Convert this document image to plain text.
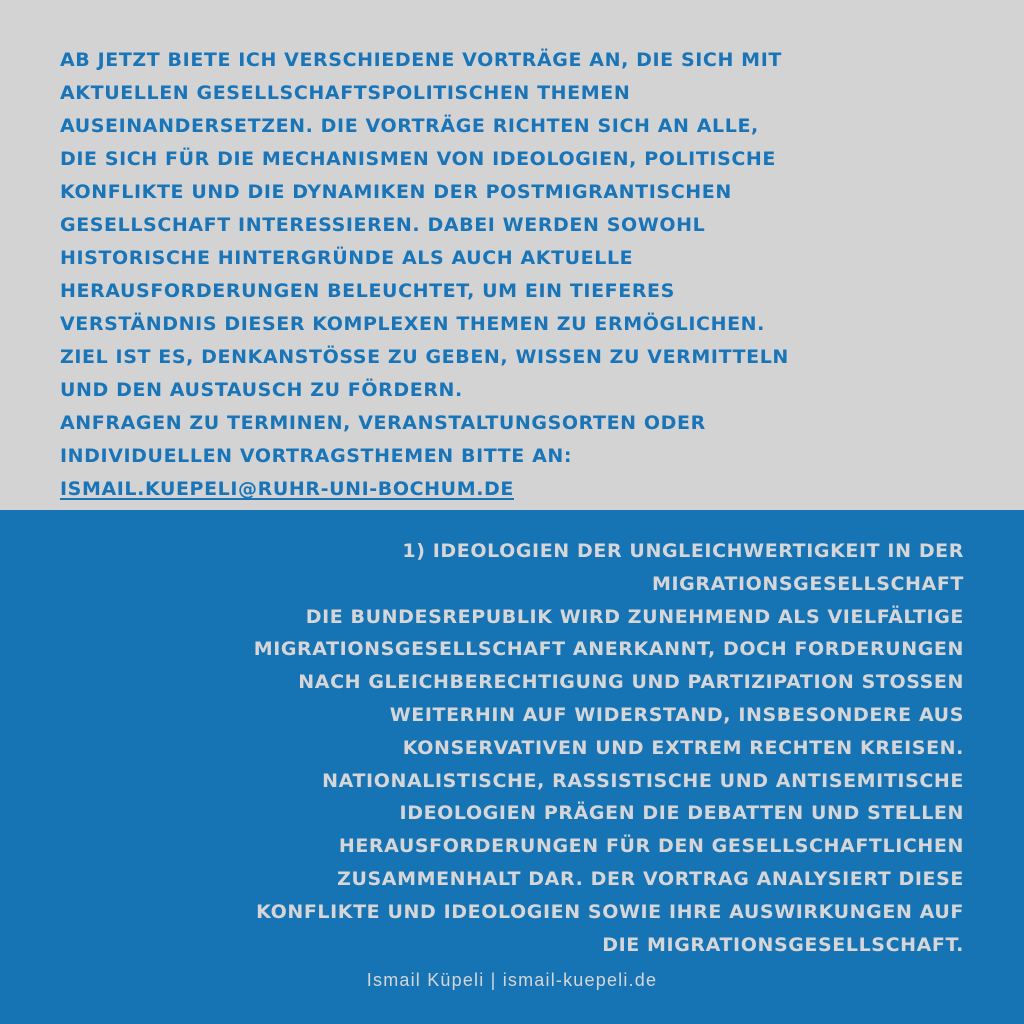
AB JETZT BIETE ICH VERSCHIEDENE VORTRÄGE AN, DIE SICH MIT
AKTUELLEN GESELLSCHAFTSPOLITISCHEN THEMEN
AUSEINANDERSETZEN. DIE VORTRÄGE RICHTEN SICH AN ALLE,
DIE SICH FÜR DIE MECHANISMEN VON IDEOLOGIEN, POLITISCHE
KONFLIKTE UND DIE DYNAMIKEN DER POSTMIGRANTISCHEN
GESELLSCHAFT INTERESSIEREN. DABEI WERDEN SOWOHL
HISTORISCHE HINTERGRÜNDE ALS AUCH AKTUELLE
HERAUSFORDERUNGEN BELEUCHTET, UM EIN TIEFERES
VERSTÄNDNIS DIESER KOMPLEXEN THEMEN ZU ERMÖGLICHEN.
ZIEL IST ES, DENKANSTÖSSE ZU GEBEN, WISSEN ZU VERMITTELN
UND DEN AUSTAUSCH ZU FÖRDERN.
ANFRAGEN ZU TERMINEN, VERANSTALTUNGSORTEN ODER
INDIVIDUELLEN VORTRAGSTHEMEN BITTE AN:
ISMAIL.KUEPELI@RUHR-UNI-BOCHUM.DE

1) IDEOLOGIEN DER UNGLEICHWERTIGKEIT IN DER
MIGRATIONSGESELLSCHAFT
DIE BUNDESREPUBLIK WIRD ZUNEHMEND ALS VIELFÄLTIGE
MIGRATIONSGESELLSCHAFT ANERKANNT, DOCH FORDERUNGEN
NACH GLEICHBERECHTIGUNG UND PARTIZIPATION STOSSEN
WEITERHIN AUF WIDERSTAND, INSBESONDERE AUS
KONSERVATIVEN UND EXTREM RECHTEN KREISEN.
NATIONALISTISCHE, RASSISTISCHE UND ANTISEMITISCHE
IDEOLOGIEN PRÄGEN DIE DEBATTEN UND STELLEN
HERAUSFORDERUNGEN FÜR DEN GESELLSCHAFTLICHEN
ZUSAMMENHALT DAR. DER VORTRAG ANALYSIERT DIESE
KONFLIKTE UND IDEOLOGIEN SOWIE IHRE AUSWIRKUNGEN AUF
DIE MIGRATIONSGESELLSCHAFT.
Ismail Küpeli | ismail-kuepeli.de
